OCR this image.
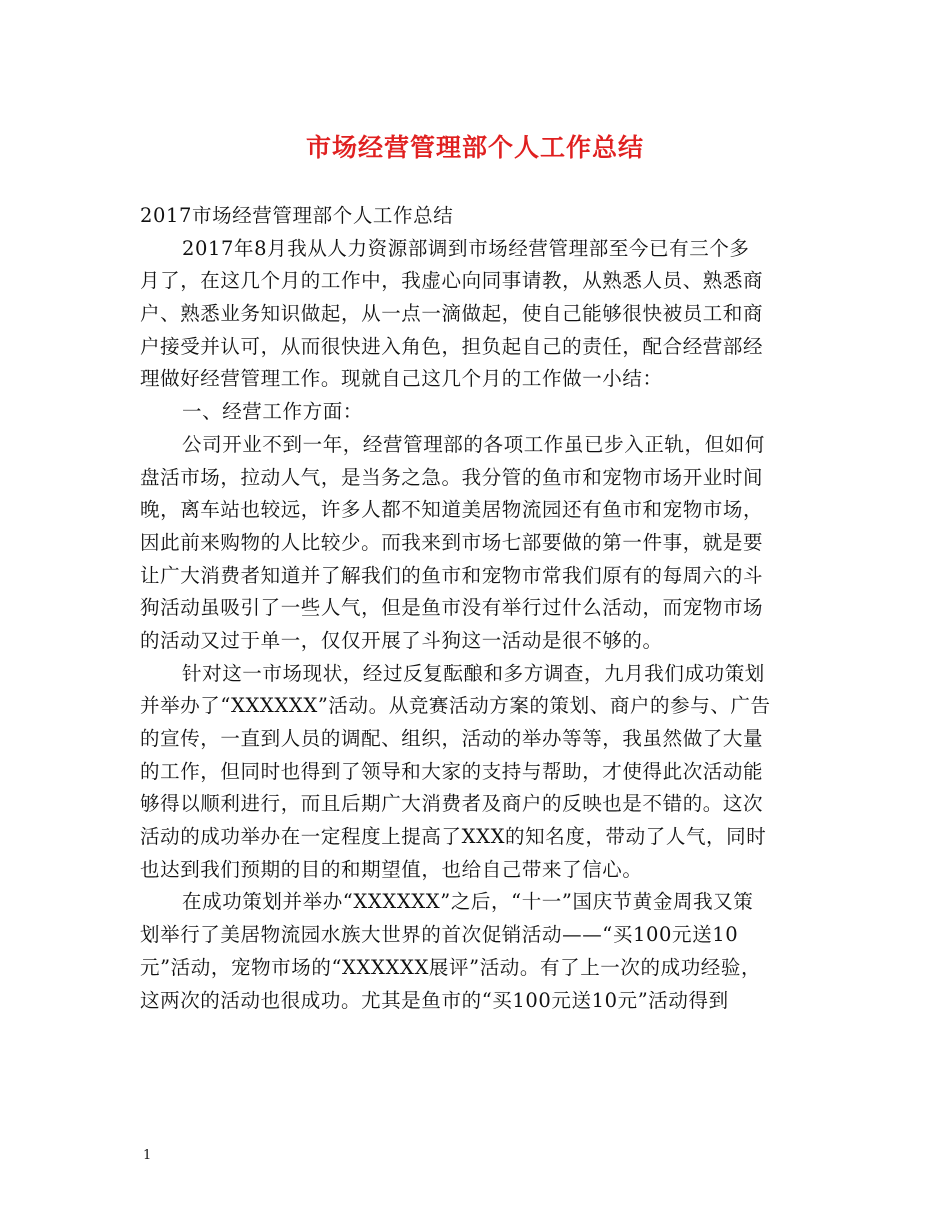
市场经营管理部个人工作总结
2017市场经营管理部个人工作总结
2017年8月我从人力资源部调到市场经营管理部至今已有三个多
月了，在这几个月的工作中，我虚心向同事请教，从熟悉人员、熟悉商
户、熟悉业务知识做起，从一点一滴做起，使自己能够很快被员工和商
户接受并认可，从而很快进入角色，担负起自己的责任，配合经营部经
理做好经营管理工作。现就自己这几个月的工作做一小结：
一、经营工作方面：
公司开业不到一年，经营管理部的各项工作虽已步入正轨，但如何
盘活市场，拉动人气，是当务之急。我分管的鱼市和宠物市场开业时间
晚，离车站也较远，许多人都不知道美居物流园还有鱼市和宠物市场，
因此前来购物的人比较少。而我来到市场七部要做的第一件事，就是要
让广大消费者知道并了解我们的鱼市和宠物市常我们原有的每周六的斗
狗活动虽吸引了一些人气，但是鱼市没有举行过什么活动，而宠物市场
的活动又过于单一，仅仅开展了斗狗这一活动是很不够的。
针对这一市场现状，经过反复酝酿和多方调查，九月我们成功策划
并举办了“XXXXXX”活动。从竞赛活动方案的策划、商户的参与、广告
的宣传，一直到人员的调配、组织，活动的举办等等，我虽然做了大量
的工作，但同时也得到了领导和大家的支持与帮助，才使得此次活动能
够得以顺利进行，而且后期广大消费者及商户的反映也是不错的。这次
活动的成功举办在一定程度上提高了XXX的知名度，带动了人气，同时
也达到我们预期的目的和期望值，也给自己带来了信心。
在成功策划并举办“XXXXXX”之后，“十一”国庆节黄金周我又策
划举行了美居物流园水族大世界的首次促销活动——“买100元送10
元”活动，宠物市场的“XXXXXX展评”活动。有了上一次的成功经验，
这两次的活动也很成功。尤其是鱼市的“买100元送10元”活动得到
1
